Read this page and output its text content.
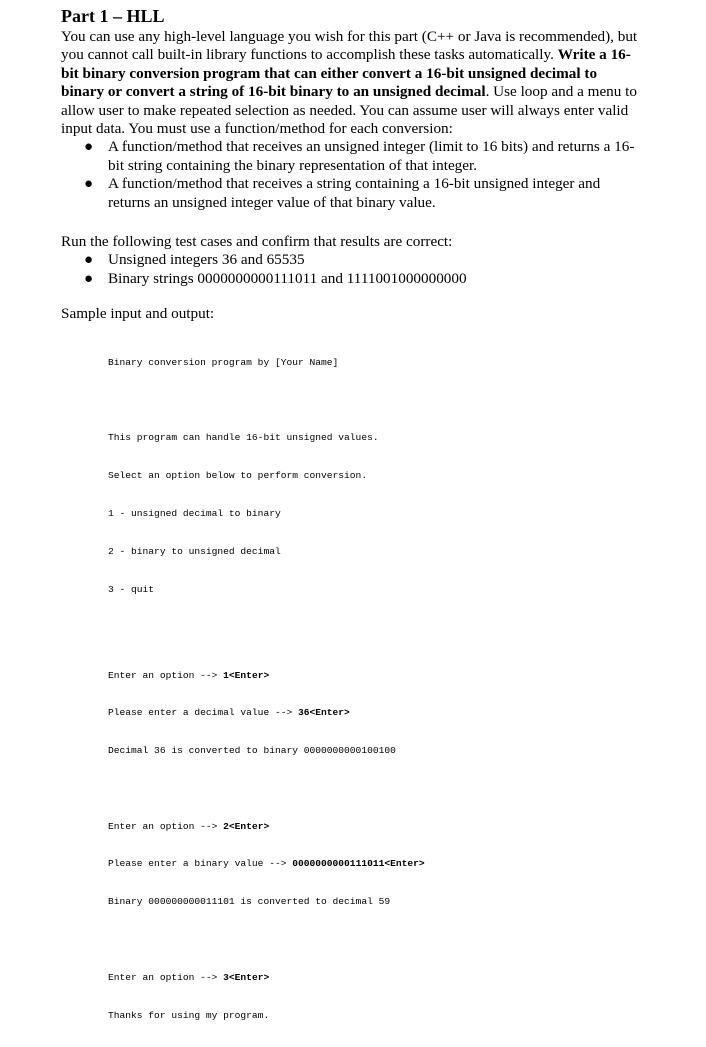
Part 1 – HLL

You can use any high-level language you wish for this part (C++ or Java is recommended), but you cannot call built-in library functions to accomplish these tasks automatically. Write a 16-bit binary conversion program that can either convert a 16-bit unsigned decimal to binary or convert a string of 16-bit binary to an unsigned decimal. Use loop and a menu to allow user to make repeated selection as needed. You can assume user will always enter valid input data. You must use a function/method for each conversion:

● A function/method that receives an unsigned integer (limit to 16 bits) and returns a 16-bit string containing the binary representation of that integer.
● A function/method that receives a string containing a 16-bit unsigned integer and returns an unsigned integer value of that binary value.

Run the following test cases and confirm that results are correct:

● Unsigned integers 36 and 65535
● Binary strings 0000000000111011 and 1111001000000000

Sample input and output:

Binary conversion program by [Your Name]

This program can handle 16-bit unsigned values.

Select an option below to perform conversion.

1 - unsigned decimal to binary

2 - binary to unsigned decimal

3 - quit

Enter an option --> 1<Enter>

Please enter a decimal value --> 36<Enter>

Decimal 36 is converted to binary 0000000000100100

Enter an option --> 2<Enter>

Please enter a binary value --> 0000000000111011<Enter>

Binary 000000000011101 is converted to decimal 59

Enter an option --> 3<Enter>

Thanks for using my program.
